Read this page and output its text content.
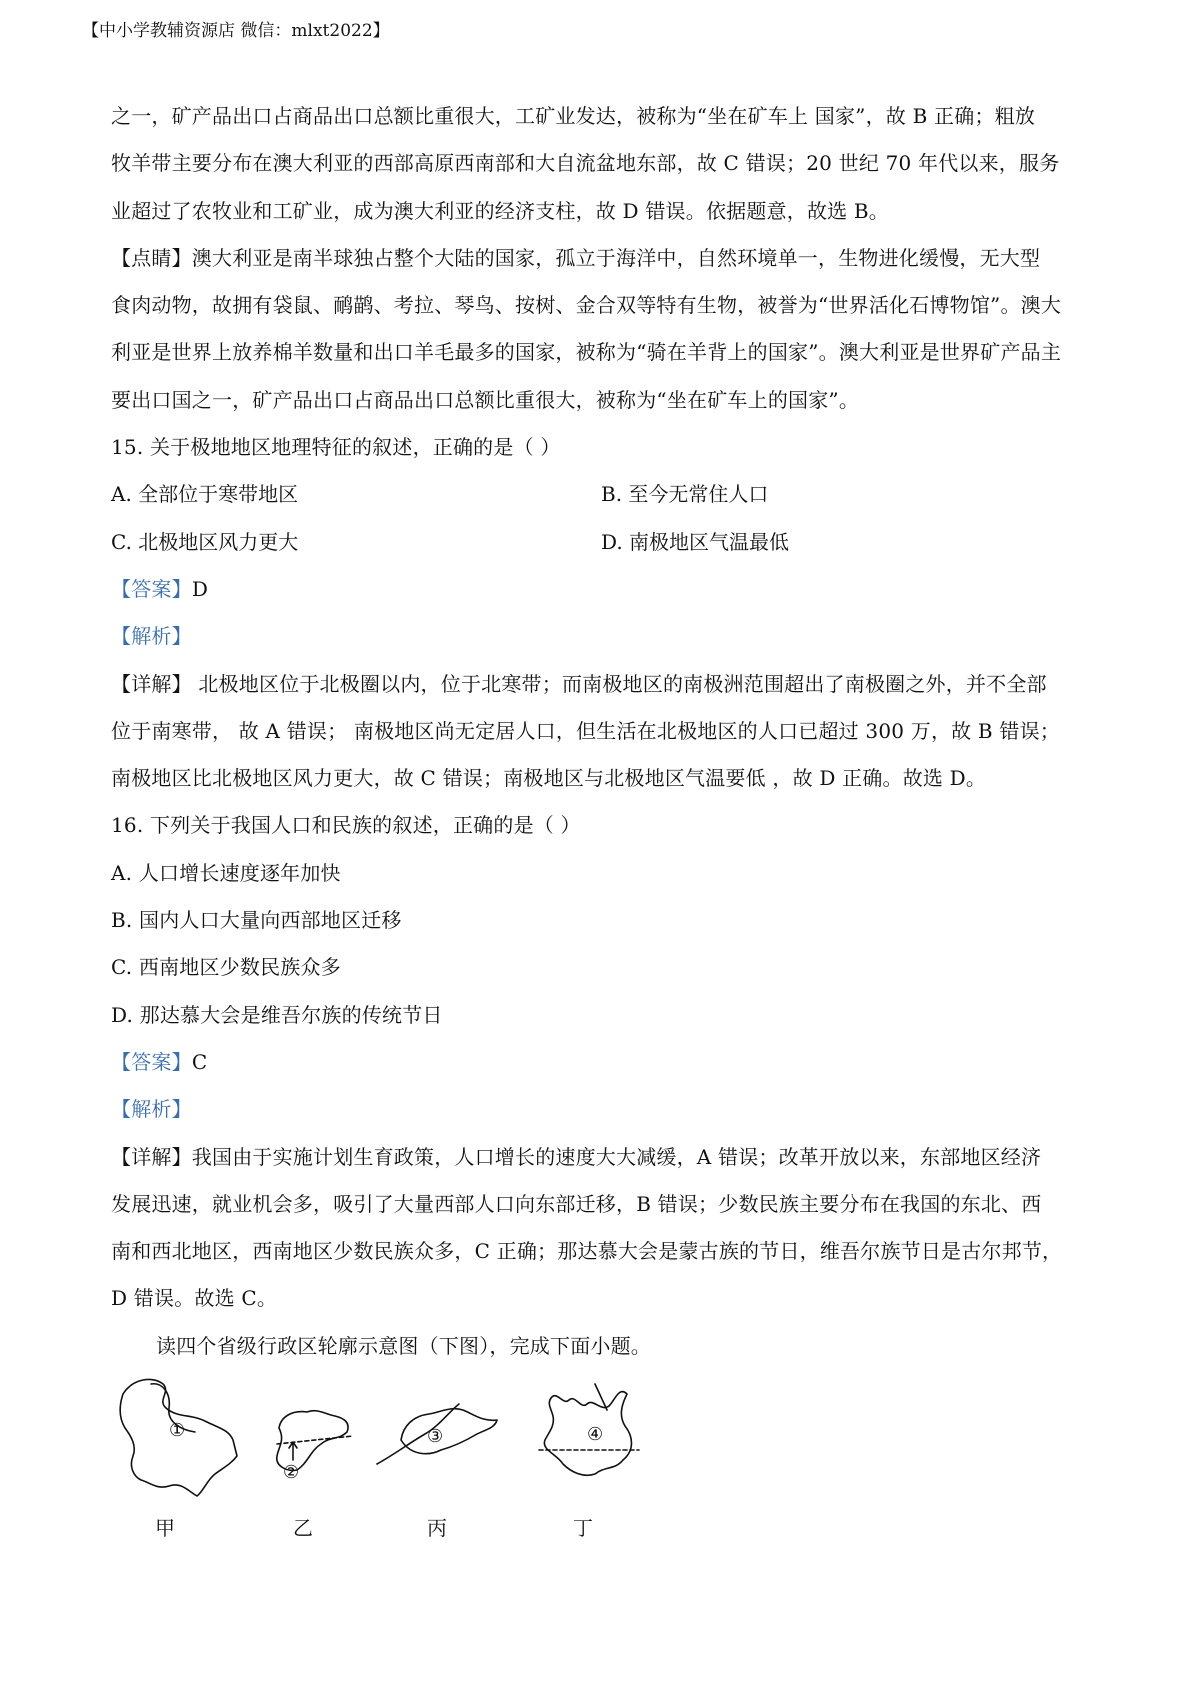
【中小学教辅资源店 微信：mlxt2022】
之一，矿产品出口占商品出口总额比重很大，工矿业发达，被称为“坐在矿车上 国家”，故 B 正确；粗放
牧羊带主要分布在澳大利亚的西部高原西南部和大自流盆地东部，故 C 错误；20 世纪 70 年代以来，服务
业超过了农牧业和工矿业，成为澳大利亚的经济支柱，故 D 错误。依据题意，故选 B。
【点睛】澳大利亚是南半球独占整个大陆的国家，孤立于海洋中，自然环境单一，生物进化缓慢，无大型
食肉动物，故拥有袋鼠、鸸鹋、考拉、琴鸟、按树、金合双等特有生物，被誉为“世界活化石博物馆”。澳大
利亚是世界上放养棉羊数量和出口羊毛最多的国家，被称为“骑在羊背上的国家”。澳大利亚是世界矿产品主
要出口国之一，矿产品出口占商品出口总额比重很大，被称为“坐在矿车上的国家”。
15. 关于极地地区地理特征的叙述，正确的是（ ）
A. 全部位于寒带地区	B. 至今无常住人口
C. 北极地区风力更大	D. 南极地区气温最低
【答案】D
【解析】
【详解】 北极地区位于北极圈以内，位于北寒带；而南极地区的南极洲范围超出了南极圈之外，并不全部
位于南寒带， 故 A 错误； 南极地区尚无定居人口，但生活在北极地区的人口已超过 300 万，故 B 错误；
南极地区比北极地区风力更大，故 C 错误；南极地区与北极地区气温要低 ，故 D 正确。故选 D。
16. 下列关于我国人口和民族的叙述，正确的是（ ）
A. 人口增长速度逐年加快
B. 国内人口大量向西部地区迁移
C. 西南地区少数民族众多
D. 那达慕大会是维吾尔族的传统节日
【答案】C
【解析】
【详解】我国由于实施计划生育政策，人口增长的速度大大减缓，A 错误；改革开放以来，东部地区经济
发展迅速，就业机会多，吸引了大量西部人口向东部迁移，B 错误；少数民族主要分布在我国的东北、西
南和西北地区，西南地区少数民族众多，C 正确；那达慕大会是蒙古族的节日，维吾尔族节日是古尔邦节，
D 错误。故选 C。
读四个省级行政区轮廓示意图（下图），完成下面小题。
①
②
③	④
甲	乙	丙	丁
